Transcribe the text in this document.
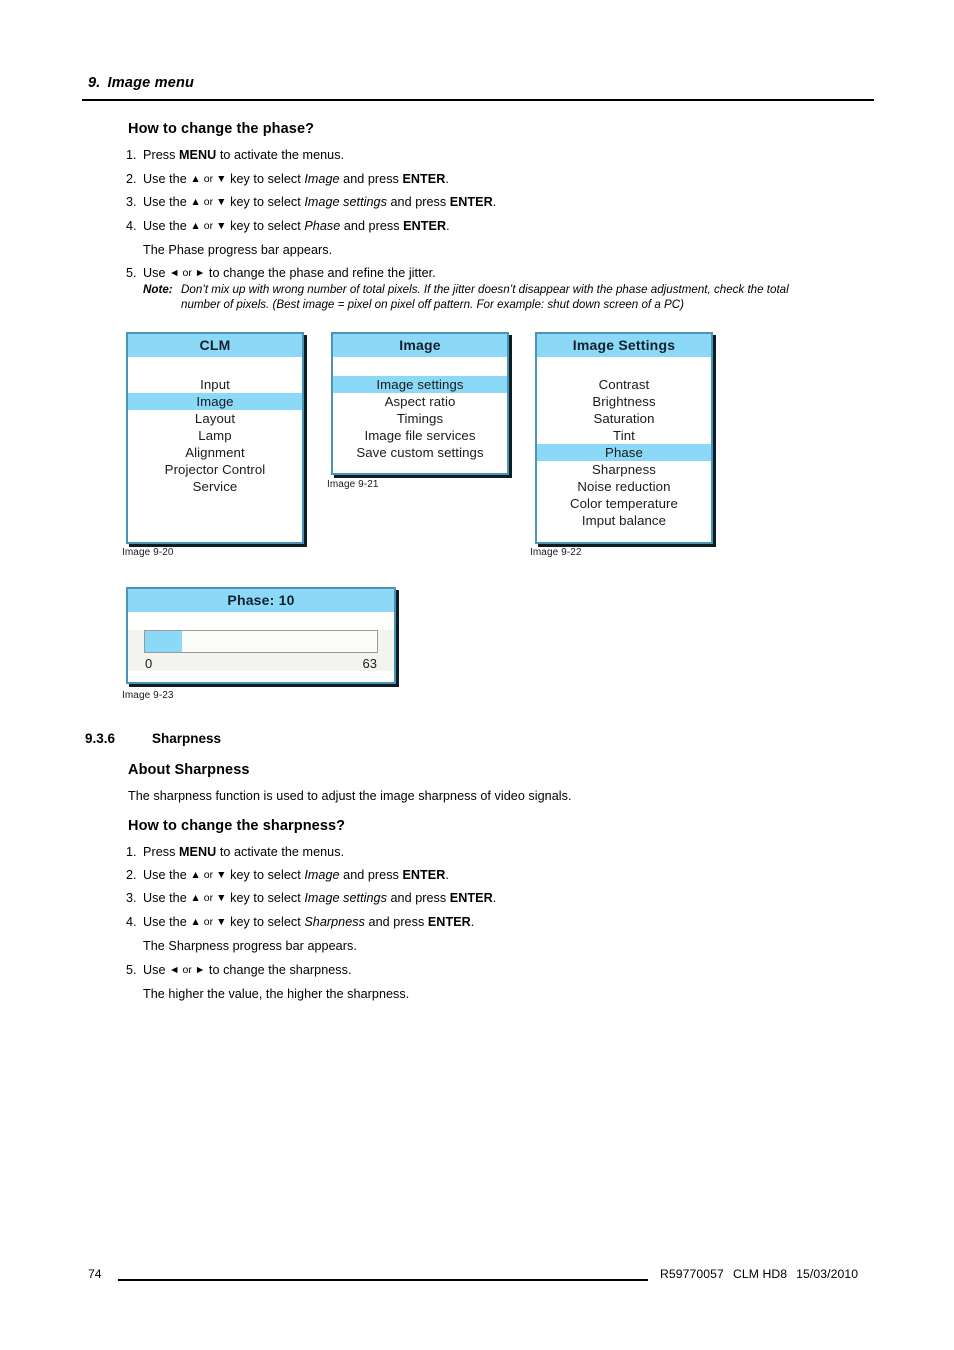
9. Image menu
How to change the phase?
1. Press MENU to activate the menus.
2. Use the ▲ or ▼ key to select Image and press ENTER.
3. Use the ▲ or ▼ key to select Image settings and press ENTER.
4. Use the ▲ or ▼ key to select Phase and press ENTER.
The Phase progress bar appears.
5. Use ◄ or ► to change the phase and refine the jitter.
Note: Don’t mix up with wrong number of total pixels. If the jitter doesn’t disappear with the phase adjustment, check the total
number of pixels. (Best image = pixel on pixel off pattern. For example: shut down screen of a PC)
CLM
Input
Image
Layout
Lamp
Alignment
Projector Control
Service
Image 9-20
Image
Image settings
Aspect ratio
Timings
Image file services
Save custom settings
Image 9-21
Image Settings
Contrast
Brightness
Saturation
Tint
Phase
Sharpness
Noise reduction
Color temperature
Imput balance
Image 9-22
Phase: 10
0	63
Image 9-23
9.3.6	Sharpness
About Sharpness
The sharpness function is used to adjust the image sharpness of video signals.
How to change the sharpness?
1. Press MENU to activate the menus.
2. Use the ▲ or ▼ key to select Image and press ENTER.
3. Use the ▲ or ▼ key to select Image settings and press ENTER.
4. Use the ▲ or ▼ key to select Sharpness and press ENTER.
The Sharpness progress bar appears.
5. Use ◄ or ► to change the sharpness.
The higher the value, the higher the sharpness.
74	R59770057 CLM HD8 15/03/2010
